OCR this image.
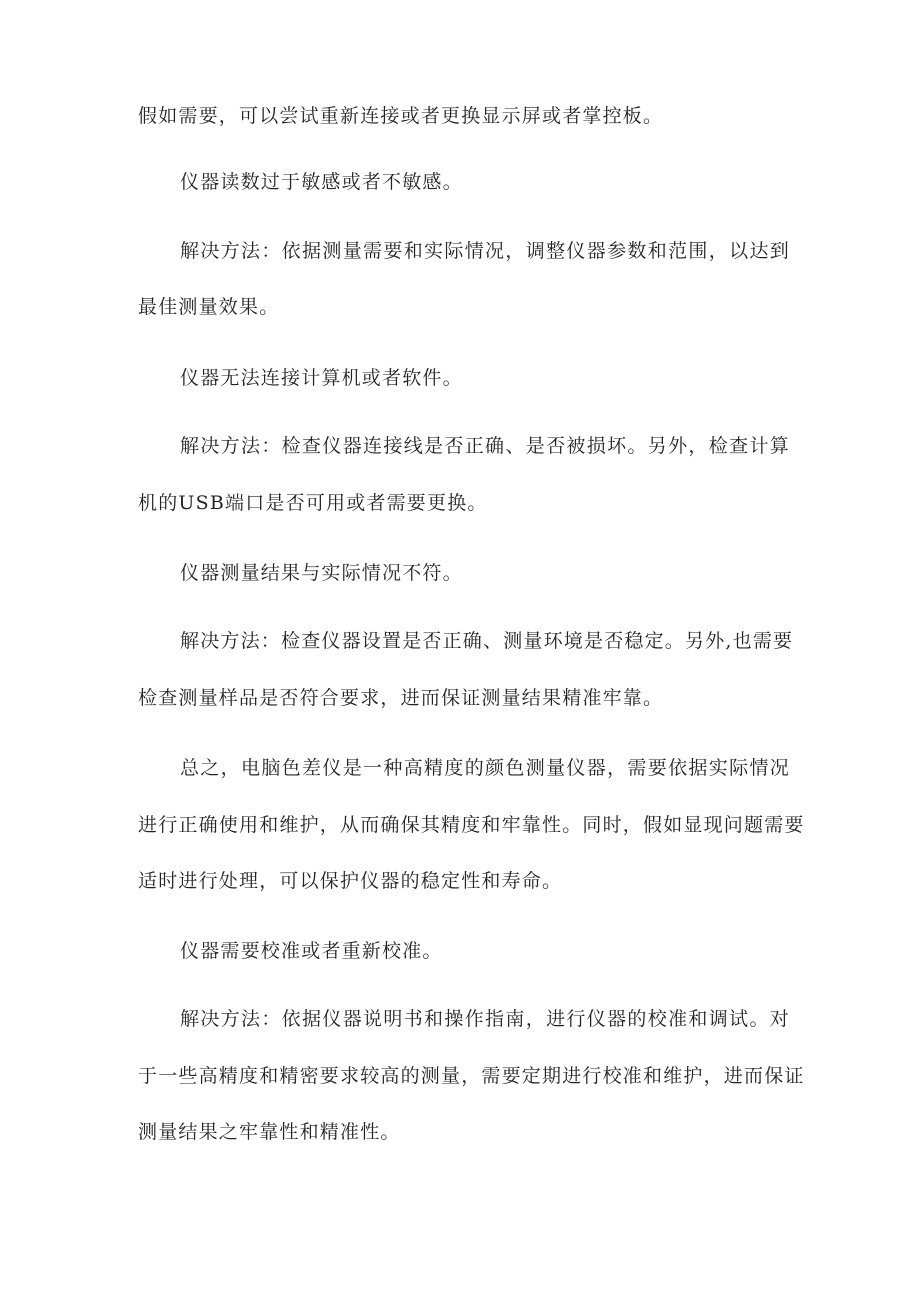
假如需要，可以尝试重新连接或者更换显示屏或者掌控板。
仪器读数过于敏感或者不敏感。
解决方法：依据测量需要和实际情况，调整仪器参数和范围，以达到
最佳测量效果。
仪器无法连接计算机或者软件。
解决方法：检查仪器连接线是否正确、是否被损坏。另外，检查计算
机的USB端口是否可用或者需要更换。
仪器测量结果与实际情况不符。
解决方法：检查仪器设置是否正确、测量环境是否稳定。另外,也需要
检查测量样品是否符合要求，进而保证测量结果精准牢靠。
总之，电脑色差仪是一种高精度的颜色测量仪器，需要依据实际情况
进行正确使用和维护，从而确保其精度和牢靠性。同时，假如显现问题需要
适时进行处理，可以保护仪器的稳定性和寿命。
仪器需要校准或者重新校准。
解决方法：依据仪器说明书和操作指南，进行仪器的校准和调试。对
于一些高精度和精密要求较高的测量，需要定期进行校准和维护，进而保证
测量结果之牢靠性和精准性。
